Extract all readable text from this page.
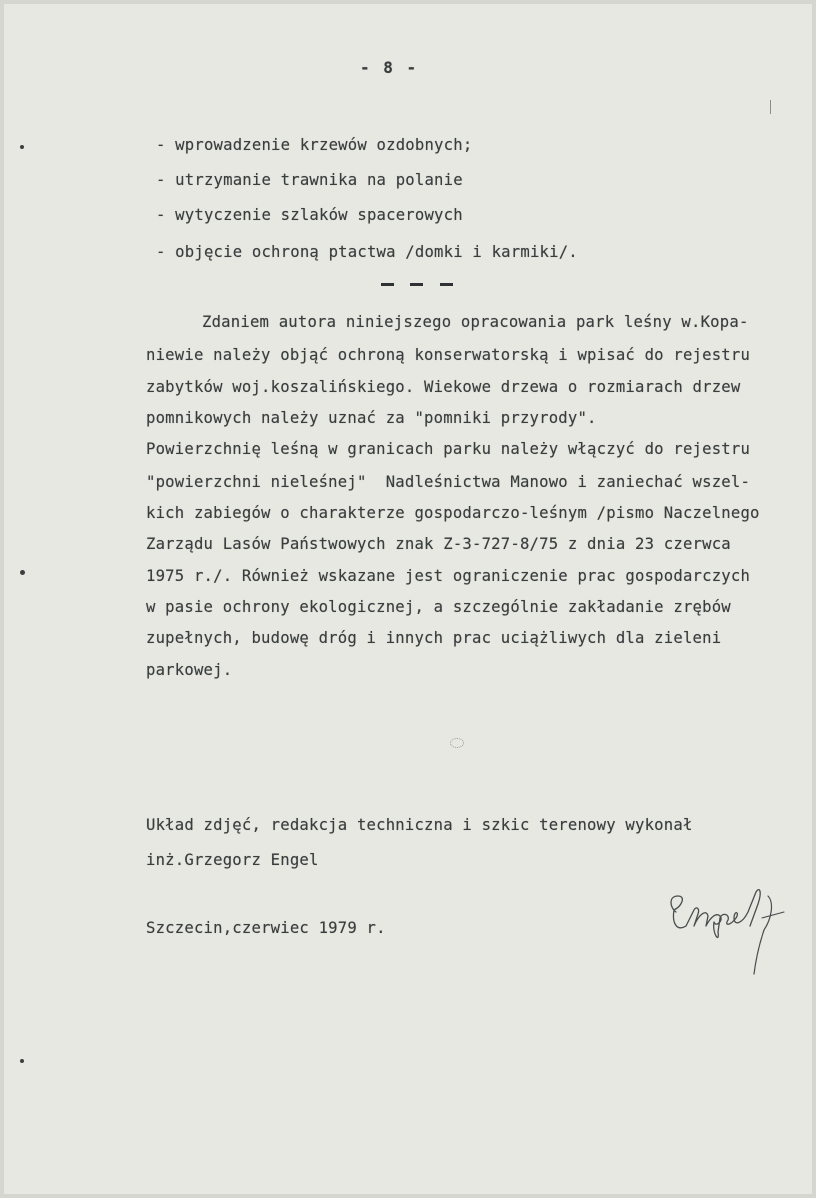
- 8 -
- wprowadzenie krzewów ozdobnych;
- utrzymanie trawnika na polanie
- wytyczenie szlaków spacerowych
- objęcie ochroną ptactwa /domki i karmiki/.
Zdaniem autora niniejszego opracowania park leśny w.Kopa-
niewie należy objąć ochroną konserwatorską i wpisać do rejestru
zabytków woj.koszalińskiego. Wiekowe drzewa o rozmiarach drzew
pomnikowych należy uznać za "pomniki przyrody".
Powierzchnię leśną w granicach parku należy włączyć do rejestru
"powierzchni nieleśnej"  Nadleśnictwa Manowo i zaniechać wszel-
kich zabiegów o charakterze gospodarczo-leśnym /pismo Naczelnego
Zarządu Lasów Państwowych znak Z-3-727-8/75 z dnia 23 czerwca
1975 r./. Również wskazane jest ograniczenie prac gospodarczych
w pasie ochrony ekologicznej, a szczególnie zakładanie zrębów
zupełnych, budowę dróg i innych prac uciążliwych dla zieleni
parkowej.
Układ zdjęć, redakcja techniczna i szkic terenowy wykonał
inż.Grzegorz Engel
Szczecin,czerwiec 1979 r.
